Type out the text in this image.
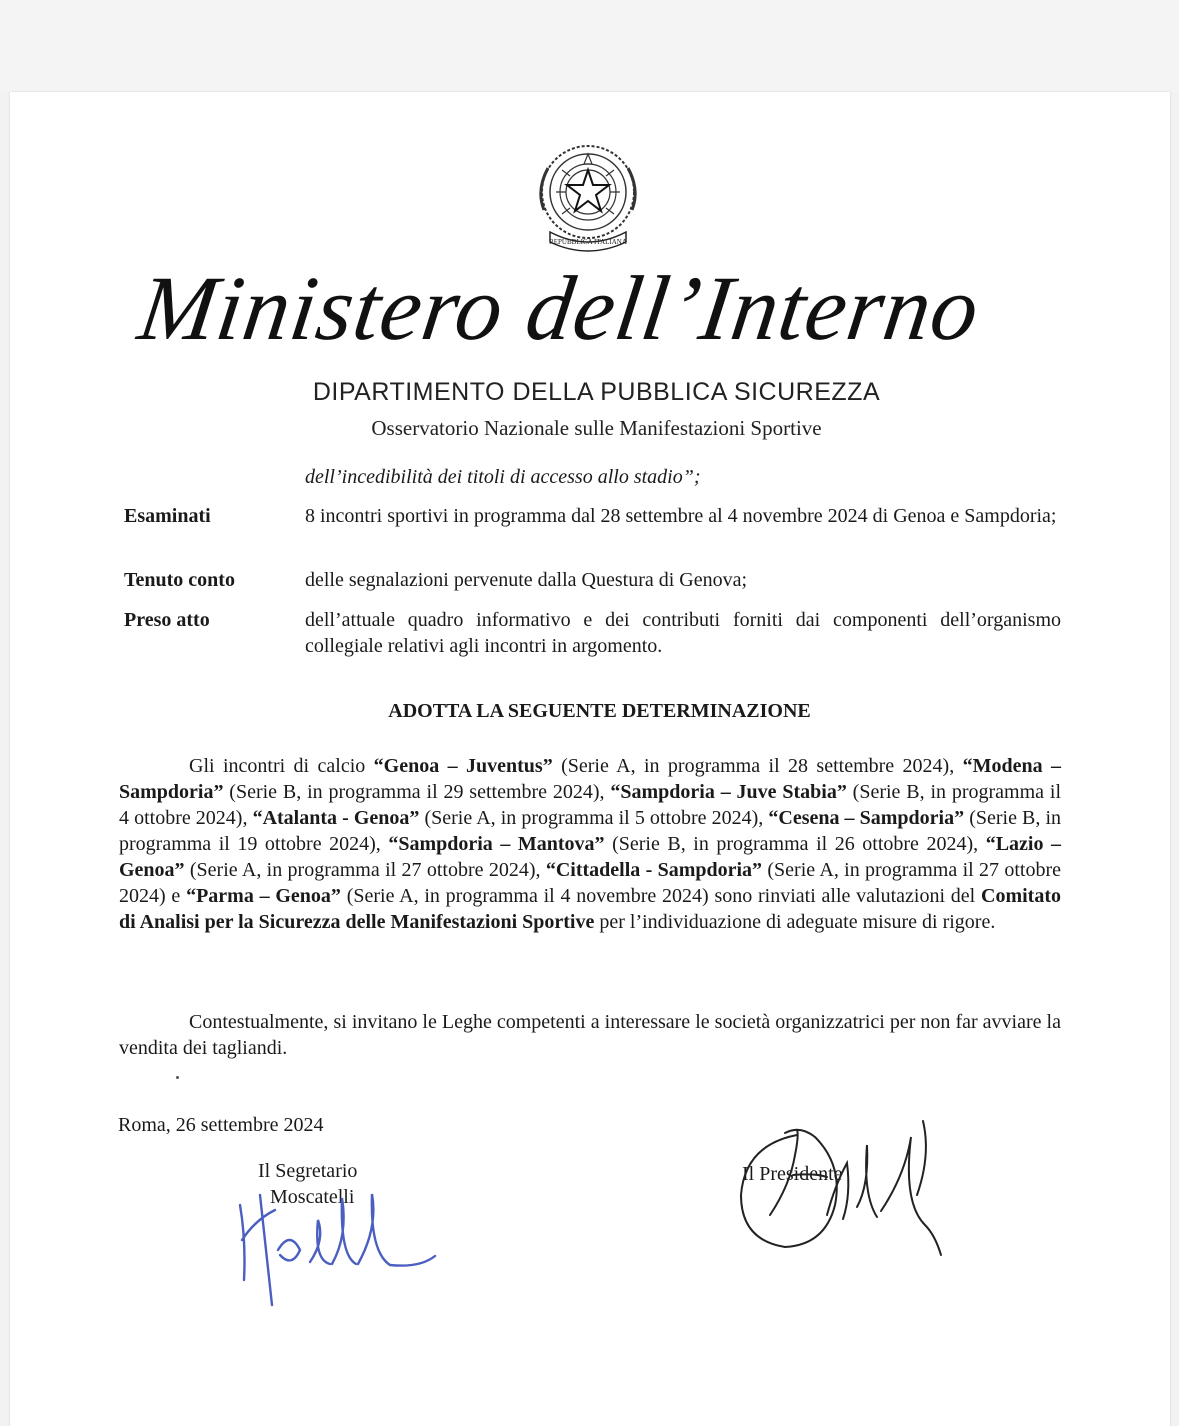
REPUBBLICA ITALIANA
Ministero dell’Interno
DIPARTIMENTO DELLA PUBBLICA SICUREZZA
Osservatorio Nazionale sulle Manifestazioni Sportive
dell’incedibilità dei titoli di accesso allo stadio”;
Esaminati	8 incontri sportivi in programma dal 28 settembre al 4 novembre 2024 di Genoa e Sampdoria;
Tenuto conto	delle segnalazioni pervenute dalla Questura di Genova;
Preso atto	dell’attuale quadro informativo e dei contributi forniti dai componenti dell’organismo collegiale relativi agli incontri in argomento.
ADOTTA LA SEGUENTE DETERMINAZIONE
Gli incontri di calcio “Genoa – Juventus” (Serie A, in programma il 28 settembre 2024), “Modena – Sampdoria” (Serie B, in programma il 29 settembre 2024), “Sampdoria – Juve Stabia” (Serie B, in programma il 4 ottobre 2024), “Atalanta - Genoa” (Serie A, in programma il 5 ottobre 2024), “Cesena – Sampdoria” (Serie B, in programma il 19 ottobre 2024), “Sampdoria – Mantova” (Serie B, in programma il 26 ottobre 2024), “Lazio – Genoa” (Serie A, in programma il 27 ottobre 2024), “Cittadella - Sampdoria” (Serie A, in programma il 27 ottobre 2024) e “Parma – Genoa” (Serie A, in programma il 4 novembre 2024) sono rinviati alle valutazioni del Comitato di Analisi per la Sicurezza delle Manifestazioni Sportive per l’individuazione di adeguate misure di rigore.
Contestualmente, si invitano le Leghe competenti a interessare le società organizzatrici per non far avviare la vendita dei tagliandi.
Roma, 26 settembre 2024
Il Segretario
Moscatelli
Il Presidente
